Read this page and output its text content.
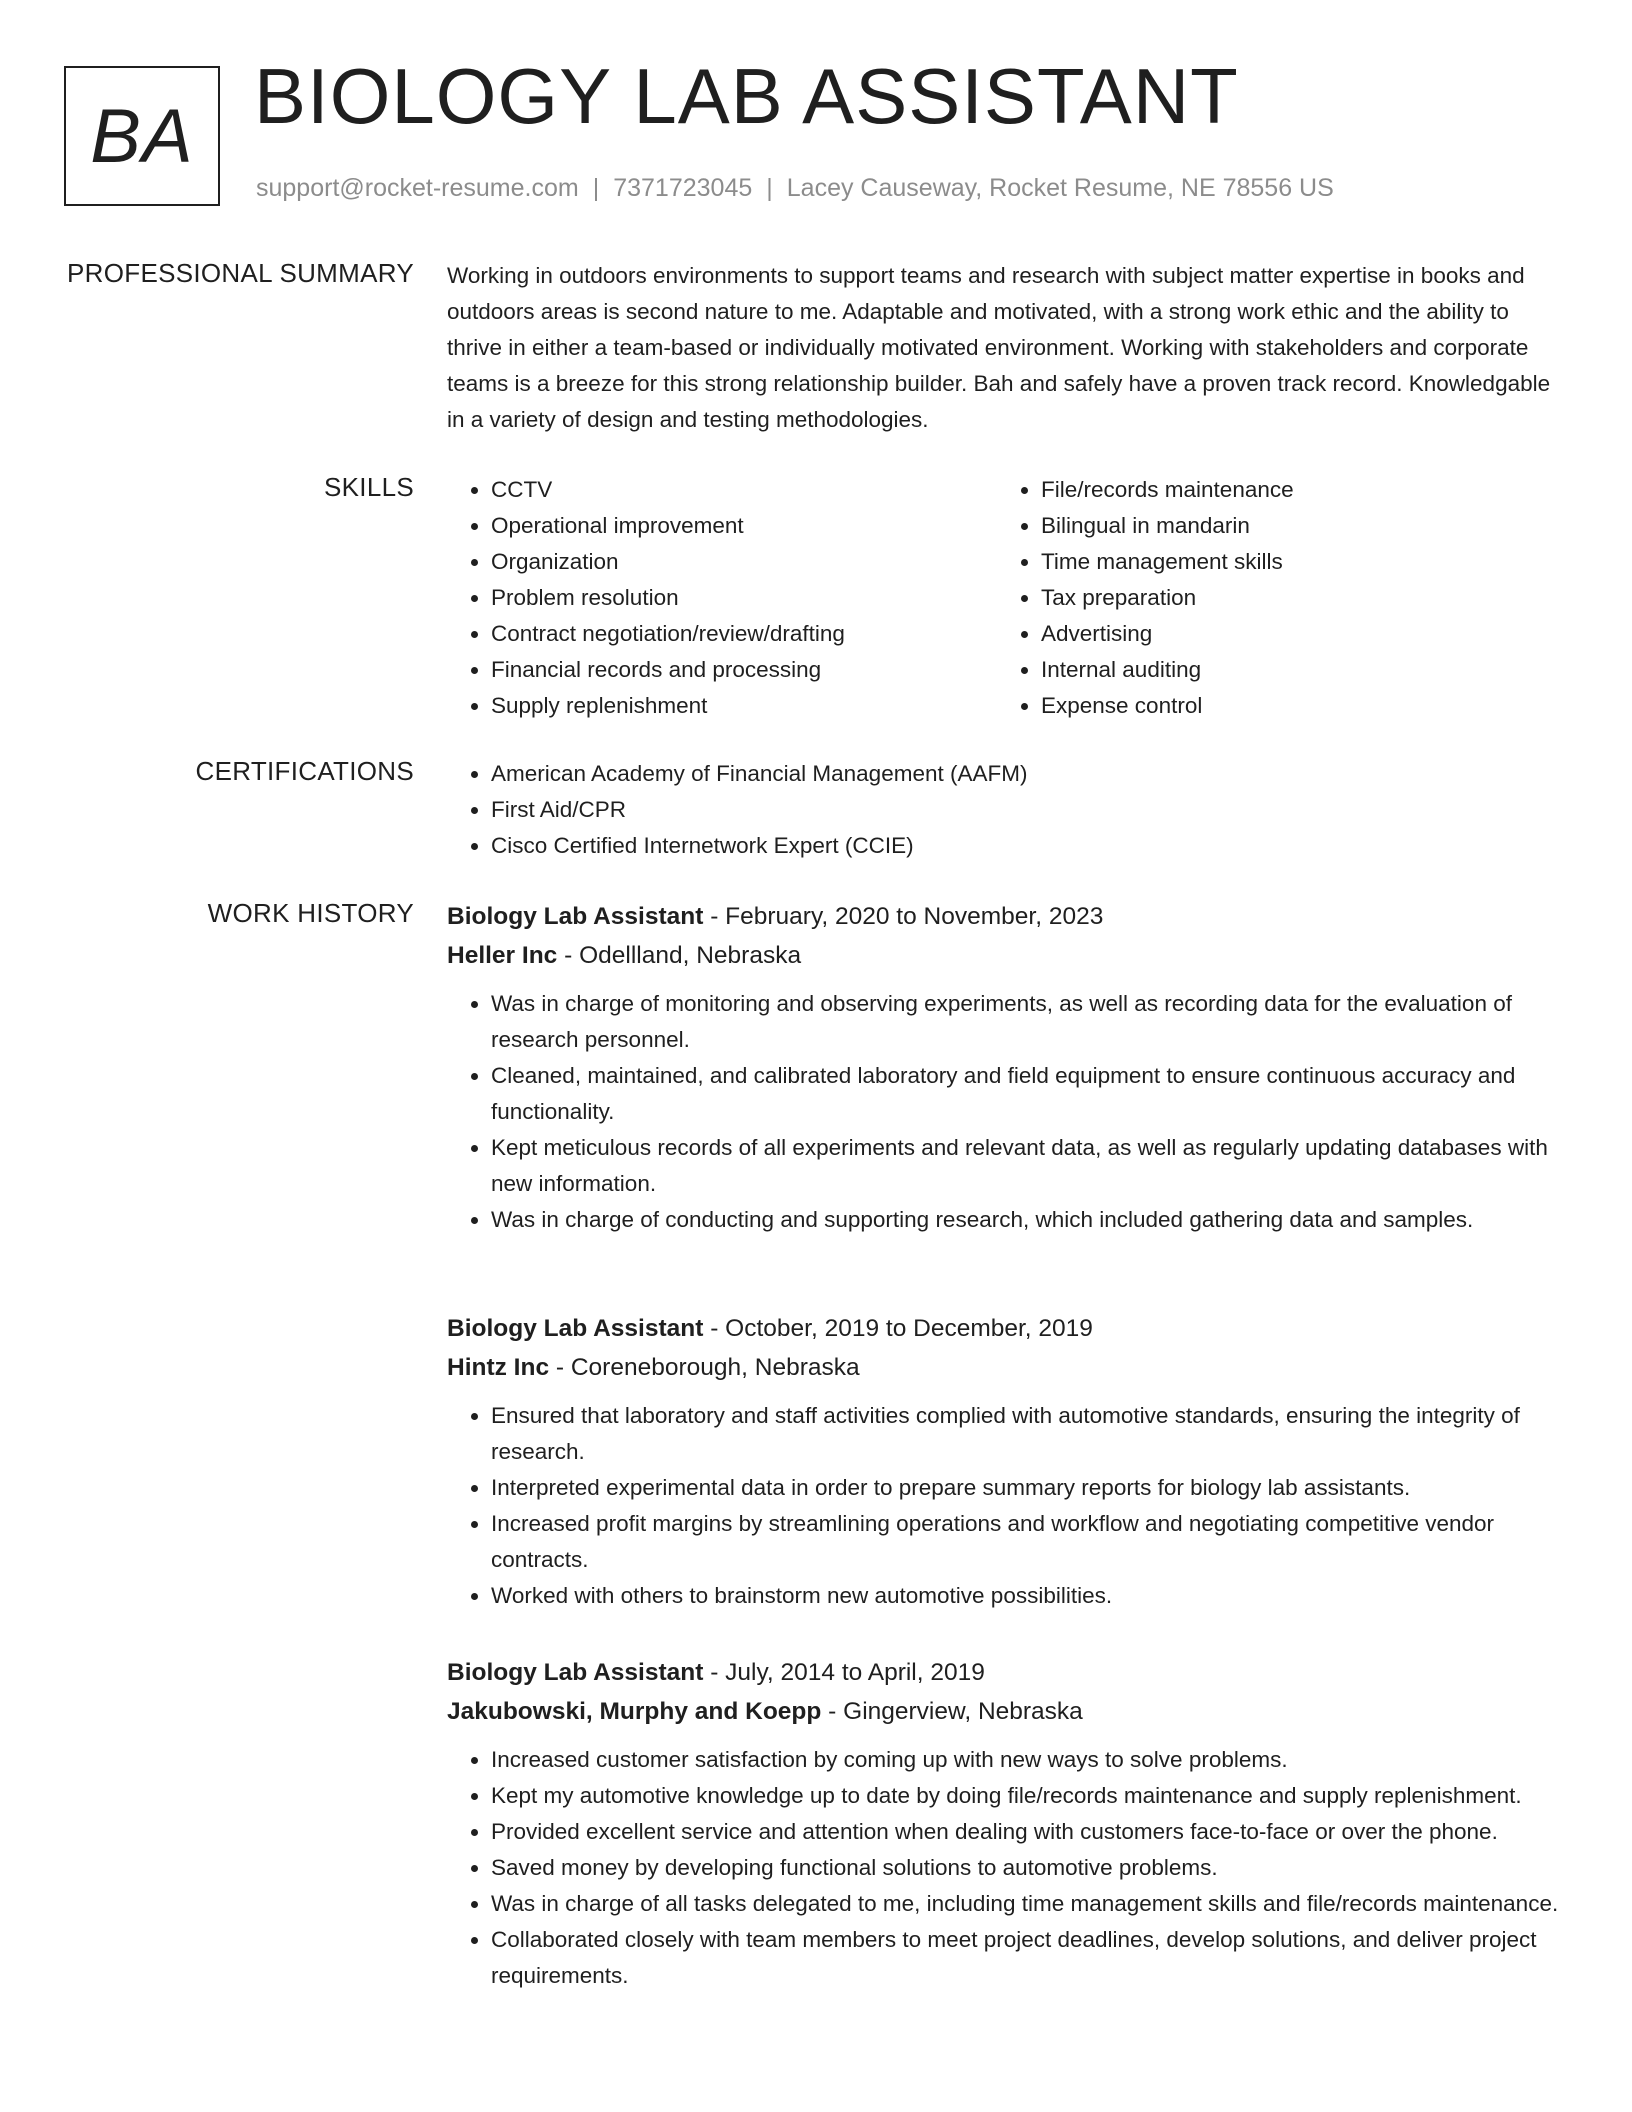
BA BIOLOGY LAB ASSISTANT
support@rocket-resume.com | 7371723045 | Lacey Causeway, Rocket Resume, NE 78556 US
PROFESSIONAL SUMMARY Working in outdoors environments to support teams and research with subject matter expertise in books and outdoors areas is second nature to me. Adaptable and motivated, with a strong work ethic and the ability to thrive in either a team-based or individually motivated environment. Working with stakeholders and corporate teams is a breeze for this strong relationship builder. Bah and safely have a proven track record. Knowledgable in a variety of design and testing methodologies.

SKILLS	• CCTV
• Operational improvement
• Organization
• Problem resolution
• Contract negotiation/review/drafting
• Financial records and processing
• Supply replenishment
• File/records maintenance
• Bilingual in mandarin
• Time management skills
• Tax preparation
• Advertising
• Internal auditing
• Expense control
CERTIFICATIONS	• American Academy of Financial Management (AAFM)
• First Aid/CPR
• Cisco Certified Internetwork Expert (CCIE)
WORK HISTORY Biology Lab Assistant - February, 2020 to November, 2023

Heller Inc - Odellland, Nebraska

• Was in charge of monitoring and observing experiments, as well as recording data for the evaluation of research personnel.
• Cleaned, maintained, and calibrated laboratory and field equipment to ensure continuous accuracy and functionality.
• Kept meticulous records of all experiments and relevant data, as well as regularly updating databases with new information.
• Was in charge of conducting and supporting research, which included gathering data and samples.

Biology Lab Assistant - October, 2019 to December, 2019

Hintz Inc - Coreneborough, Nebraska

• Ensured that laboratory and staff activities complied with automotive standards, ensuring the integrity of research.
• Interpreted experimental data in order to prepare summary reports for biology lab assistants.
• Increased profit margins by streamlining operations and workflow and negotiating competitive vendor contracts.
• Worked with others to brainstorm new automotive possibilities.

Biology Lab Assistant - July, 2014 to April, 2019

Jakubowski, Murphy and Koepp - Gingerview, Nebraska

• Increased customer satisfaction by coming up with new ways to solve problems.
• Kept my automotive knowledge up to date by doing file/records maintenance and supply replenishment.
• Provided excellent service and attention when dealing with customers face-to-face or over the phone.
• Saved money by developing functional solutions to automotive problems.
• Was in charge of all tasks delegated to me, including time management skills and file/records maintenance.
• Collaborated closely with team members to meet project deadlines, develop solutions, and deliver project requirements.
